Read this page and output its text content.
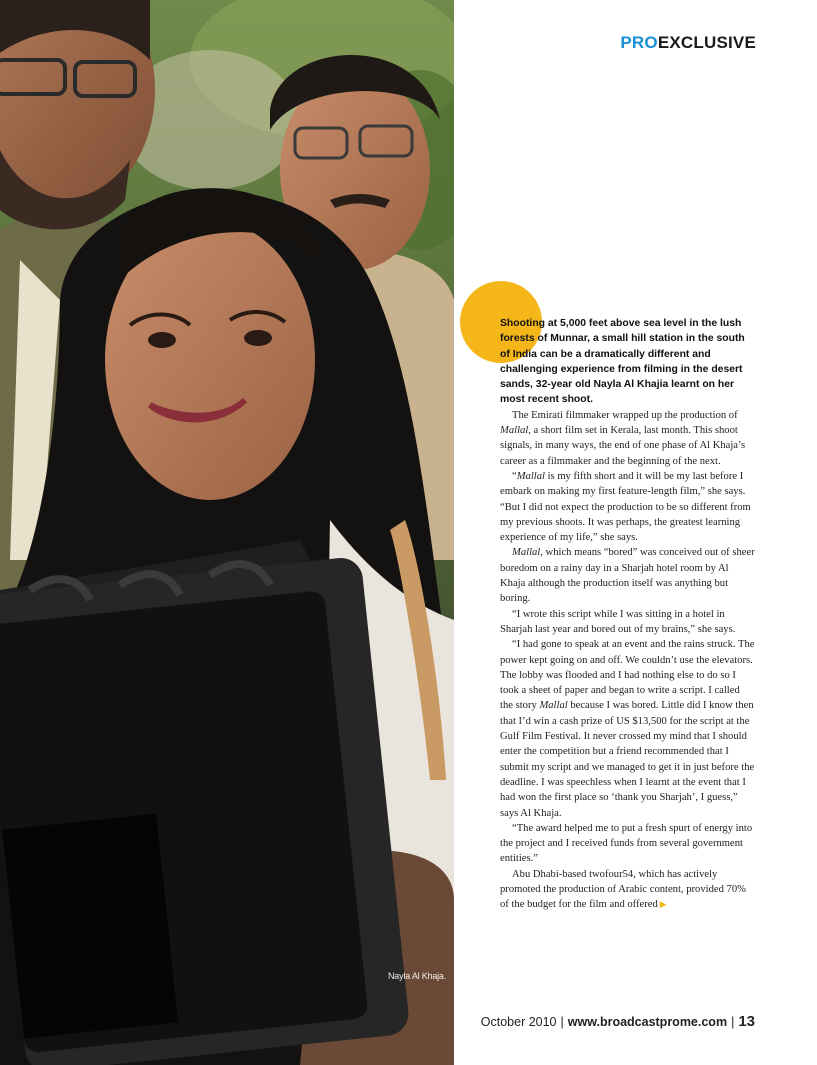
Nayla Al Khaja.
PROEXCLUSIVE

Shooting at 5,000 feet above sea level in the lush forests of Munnar, a small hill station in the south of India can be a dramatically different and challenging experience from filming in the desert sands, 32-year old Nayla Al Khajia learnt on her most recent shoot.

The Emirati filmmaker wrapped up the production of Mallal, a short film set in Kerala, last month. This shoot signals, in many ways, the end of one phase of Al Khaja’s career as a filmmaker and the beginning of the next.

“Mallal is my fifth short and it will be my last before I embark on making my first feature-length film,” she says. “But I did not expect the production to be so different from my previous shoots. It was perhaps, the greatest learning experience of my life,” she says.

Mallal, which means “bored” was conceived out of sheer boredom on a rainy day in a Sharjah hotel room by Al Khaja although the production itself was anything but boring.

“I wrote this script while I was sitting in a hotel in Sharjah last year and bored out of my brains,” she says.

“I had gone to speak at an event and the rains struck. The power kept going on and off. We couldn’t use the elevators. The lobby was flooded and I had nothing else to do so I took a sheet of paper and began to write a script. I called the story Mallal because I was bored. Little did I know then that I’d win a cash prize of US $13,500 for the script at the Gulf Film Festival. It never crossed my mind that I should enter the competition but a friend recommended that I submit my script and we managed to get it in just before the deadline. I was speechless when I learnt at the event that I had won the first place so ‘thank you Sharjah’, I guess,” says Al Khaja.

“The award helped me to put a fresh spurt of energy into the project and I received funds from several government entities.”

Abu Dhabi-based twofour54, which has actively promoted the production of Arabic content, provided 70% of the budget for the film and offered ▶

October 2010 | www.broadcastprome.com | 13
